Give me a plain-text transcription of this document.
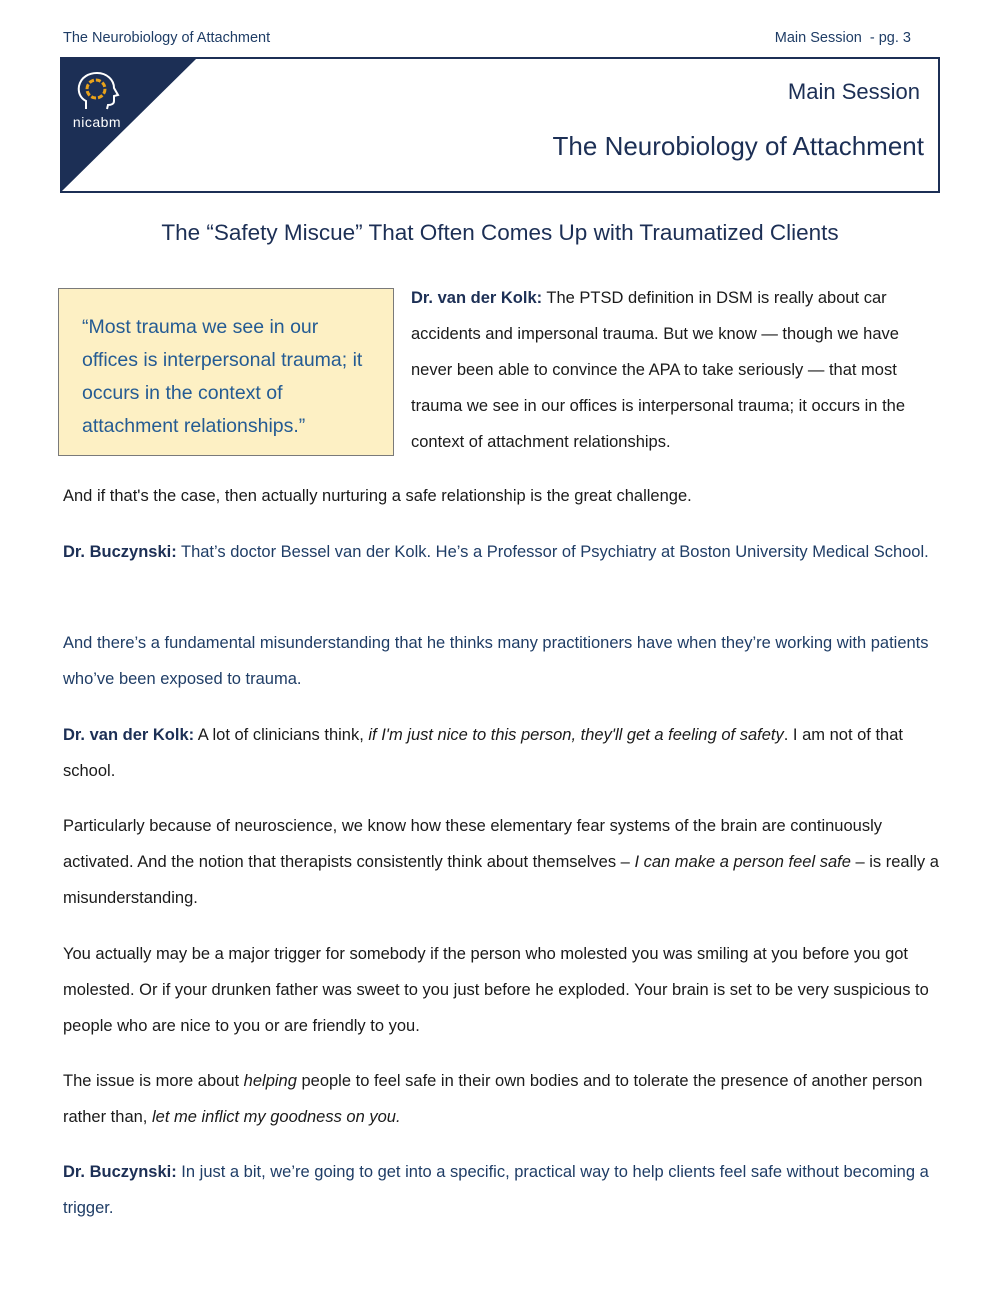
The Neurobiology of Attachment	Main Session  - pg. 3
nicabm
Main Session
The Neurobiology of Attachment
The “Safety Miscue” That Often Comes Up with Traumatized Clients
“Most trauma we see in our offices is interpersonal trauma; it occurs in the context of attachment relationships.”

Dr. van der Kolk: The PTSD definition in DSM is really about car accidents and impersonal trauma. But we know — though we have never been able to convince the APA to take seriously — that most trauma we see in our offices is interpersonal trauma; it occurs in the context of attachment relationships.

And if that's the case, then actually nurturing a safe relationship is the great challenge.

Dr. Buczynski: That’s doctor Bessel van der Kolk. He’s a Professor of Psychiatry at Boston University Medical School.

And there’s a fundamental misunderstanding that he thinks many practitioners have when they’re working with patients who’ve been exposed to trauma.

Dr. van der Kolk: A lot of clinicians think, if I'm just nice to this person, they'll get a feeling of safety. I am not of that school.

Particularly because of neuroscience, we know how these elementary fear systems of the brain are continuously activated. And the notion that therapists consistently think about themselves – I can make a person feel safe – is really a misunderstanding.

You actually may be a major trigger for somebody if the person who molested you was smiling at you before you got molested. Or if your drunken father was sweet to you just before he exploded. Your brain is set to be very suspicious to people who are nice to you or are friendly to you.

The issue is more about helping people to feel safe in their own bodies and to tolerate the presence of another person rather than, let me inflict my goodness on you.

Dr. Buczynski: In just a bit, we’re going to get into a specific, practical way to help clients feel safe without becoming a trigger.
